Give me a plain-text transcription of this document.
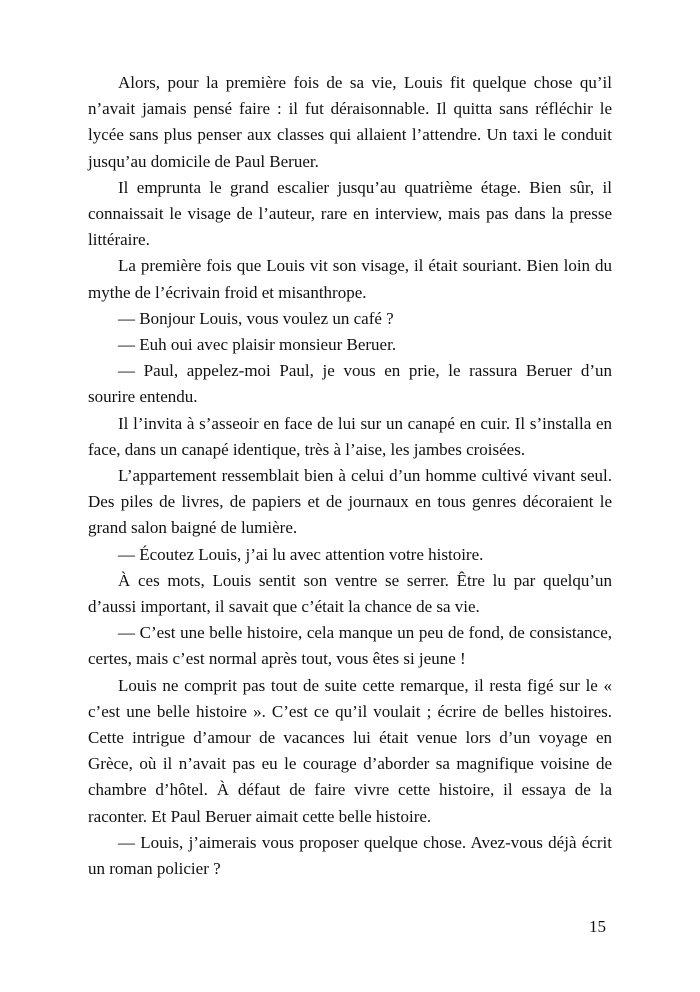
Alors, pour la première fois de sa vie, Louis fit quelque chose qu’il n’avait jamais pensé faire : il fut déraisonnable. Il quitta sans réfléchir le lycée sans plus penser aux classes qui allaient l’attendre. Un taxi le conduit jusqu’au domicile de Paul Beruer.

Il emprunta le grand escalier jusqu’au quatrième étage. Bien sûr, il connaissait le visage de l’auteur, rare en interview, mais pas dans la presse littéraire.

La première fois que Louis vit son visage, il était souriant. Bien loin du mythe de l’écrivain froid et misanthrope.

— Bonjour Louis, vous voulez un café ?

— Euh oui avec plaisir monsieur Beruer.

— Paul, appelez-moi Paul, je vous en prie, le rassura Beruer d’un sourire entendu.

Il l’invita à s’asseoir en face de lui sur un canapé en cuir. Il s’installa en face, dans un canapé identique, très à l’aise, les jambes croisées.

L’appartement ressemblait bien à celui d’un homme cultivé vivant seul. Des piles de livres, de papiers et de journaux en tous genres décoraient le grand salon baigné de lumière.

— Écoutez Louis, j’ai lu avec attention votre histoire.

À ces mots, Louis sentit son ventre se serrer. Être lu par quelqu’un d’aussi important, il savait que c’était la chance de sa vie.

— C’est une belle histoire, cela manque un peu de fond, de consistance, certes, mais c’est normal après tout, vous êtes si jeune !

Louis ne comprit pas tout de suite cette remarque, il resta figé sur le « c’est une belle histoire ». C’est ce qu’il voulait ; écrire de belles histoires. Cette intrigue d’amour de vacances lui était venue lors d’un voyage en Grèce, où il n’avait pas eu le courage d’aborder sa magnifique voisine de chambre d’hôtel. À défaut de faire vivre cette histoire, il essaya de la raconter. Et Paul Beruer aimait cette belle histoire.

— Louis, j’aimerais vous proposer quelque chose. Avez-vous déjà écrit un roman policier ?

15
